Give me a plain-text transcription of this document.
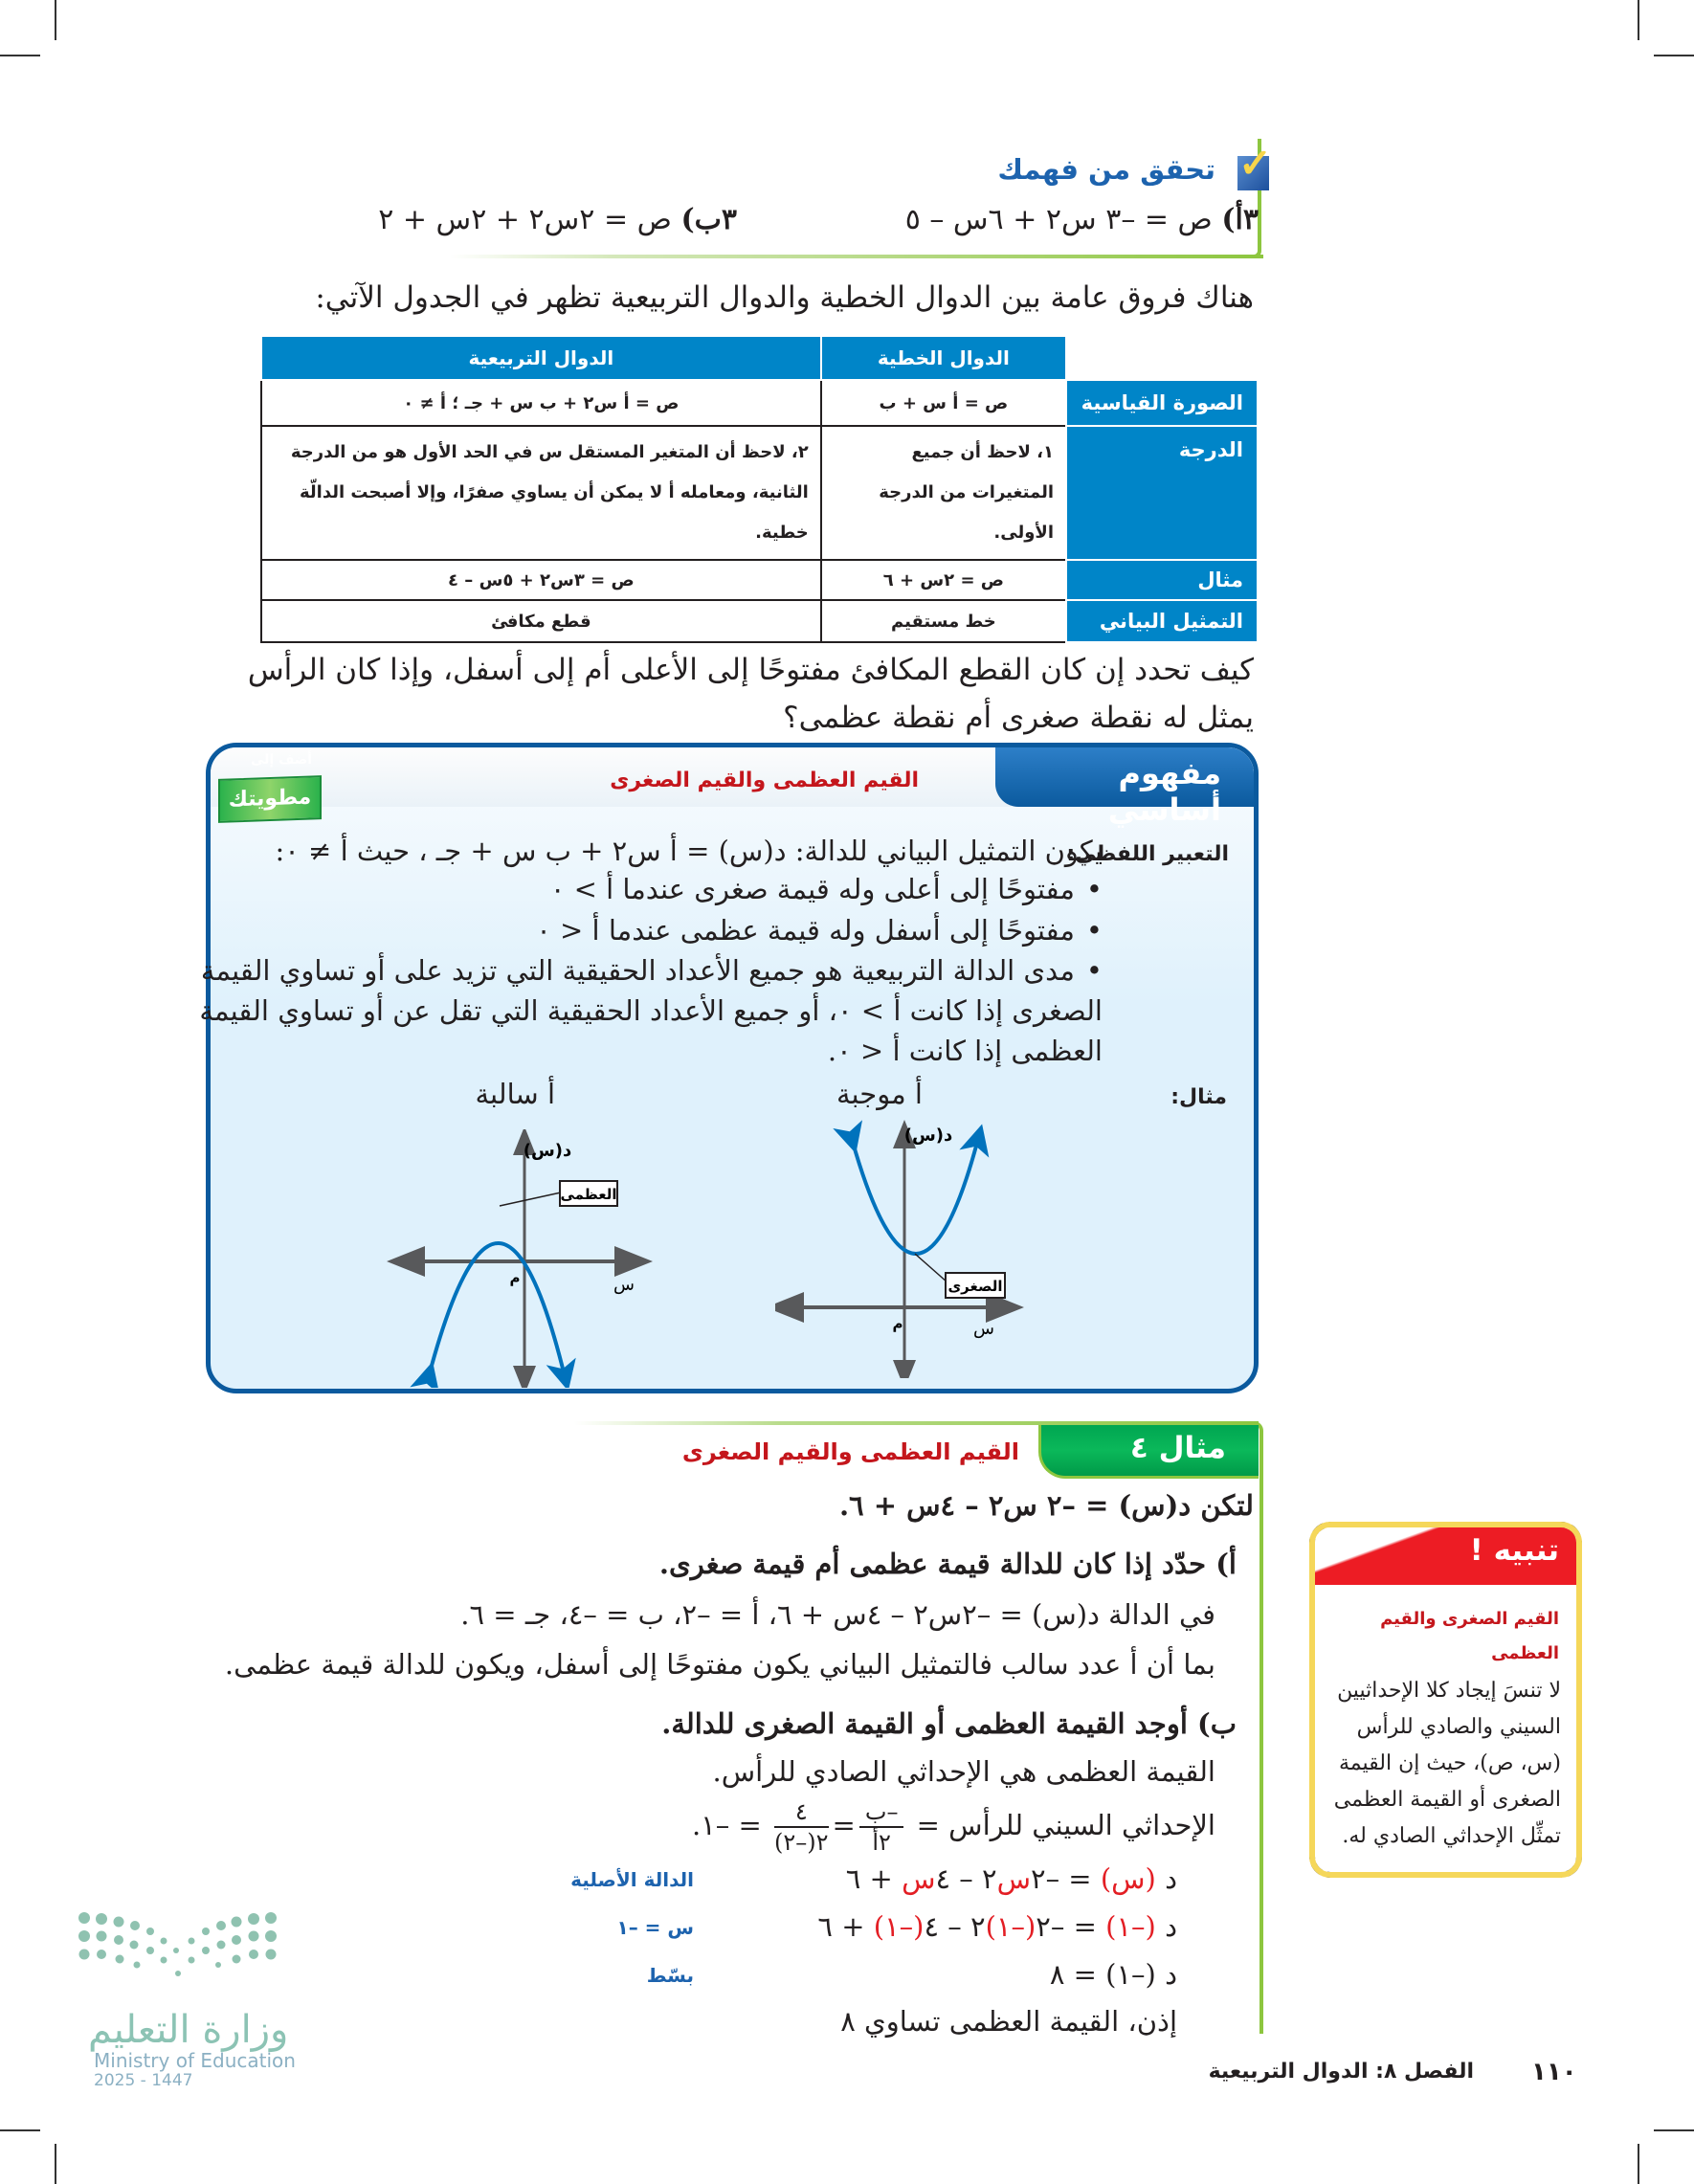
✓
تحقق من فهمك
٣أ) ص = –٣ س٢ + ٦س – ٥
٣ب) ص = ٢س٢ + ٢س + ٢

هناك فروق عامة بين الدوال الخطية والدوال التربيعية تظهر في الجدول الآتي:

	الدوال الخطية	الدوال التربيعية
الصورة القياسية	ص = أ س + ب	ص = أ س٢ + ب س + جـ ؛ أ ≠ ٠
الدرجة	١، لاحظ أن جميع المتغيرات من الدرجة الأولى.	٢، لاحظ أن المتغير المستقل س في الحد الأول هو من الدرجة الثانية، ومعامله أ لا يمكن أن يساوي صفرًا، وإلا أصبحت الدالّة خطية.
مثال	ص = ٢س + ٦	ص = ٣س٢ + ٥س – ٤
التمثيل البياني	خط مستقيم	قطع مكافئ

كيف تحدد إن كان القطع المكافئ مفتوحًا إلى الأعلى أم إلى أسفل، وإذا كان الرأس يمثل له نقطة صغرى أم نقطة عظمى؟

مفهوم أساسي
القيم العظمى والقيم الصغرى
أضف إلى
مطويتك
التعبير اللفظي:
يكون التمثيل البياني للدالة: د(س) = أ س٢ + ب س + جـ ، حيث أ ≠ ٠:
• مفتوحًا إلى أعلى وله قيمة صغرى عندما أ > ٠
• مفتوحًا إلى أسفل وله قيمة عظمى عندما أ < ٠
• مدى الدالة التربيعية هو جميع الأعداد الحقيقية التي تزيد على أو تساوي القيمة
الصغرى إذا كانت أ > ٠، أو جميع الأعداد الحقيقية التي تقل عن أو تساوي القيمة
العظمى إذا كانت أ < ٠.
مثال:
أ موجبة
أ سالبة
الصغرى
د(س)
م	س
العظمى
د(س)
م	س
مثال ٤
القيم العظمى والقيم الصغرى
لتكن د(س) = –٢ س٢ – ٤س + ٦.
أ) حدّد إذا كان للدالة قيمة عظمى أم قيمة صغرى.
في الدالة د(س) = –٢س٢ – ٤س + ٦، أ = –٢، ب = –٤، جـ = ٦.
بما أن أ عدد سالب فالتمثيل البياني يكون مفتوحًا إلى أسفل، ويكون للدالة قيمة عظمى.
ب) أوجد القيمة العظمى أو القيمة الصغرى للدالة.
القيمة العظمى هي الإحداثي الصادي للرأس.
الإحداثي السيني للرأس =
$\frac{\text{–ب}}{\text{٢أ}}$
=
$\frac{٤}{٢(-٢)}$
= –١.
د (س) = –٢س٢ – ٤س + ٦
الدالة الأصلية
د (–١) = –٢(–١)٢ – ٤(–١) + ٦
س = –١
د (–١) = ٨
بسّط
إذن، القيمة العظمى تساوي ٨
تنبيه !
القيم الصغرى والقيم العظمى
لا تنسَ إيجاد كلا الإحداثيين السيني والصادي للرأس (س، ص)، حيث إن القيمة الصغرى أو القيمة العظمى تمثِّل الإحداثي الصادي له.
وزارة التعليم
Ministry of Education
2025 - 1447	١١٠
الفصل ٨: الدوال التربيعية
